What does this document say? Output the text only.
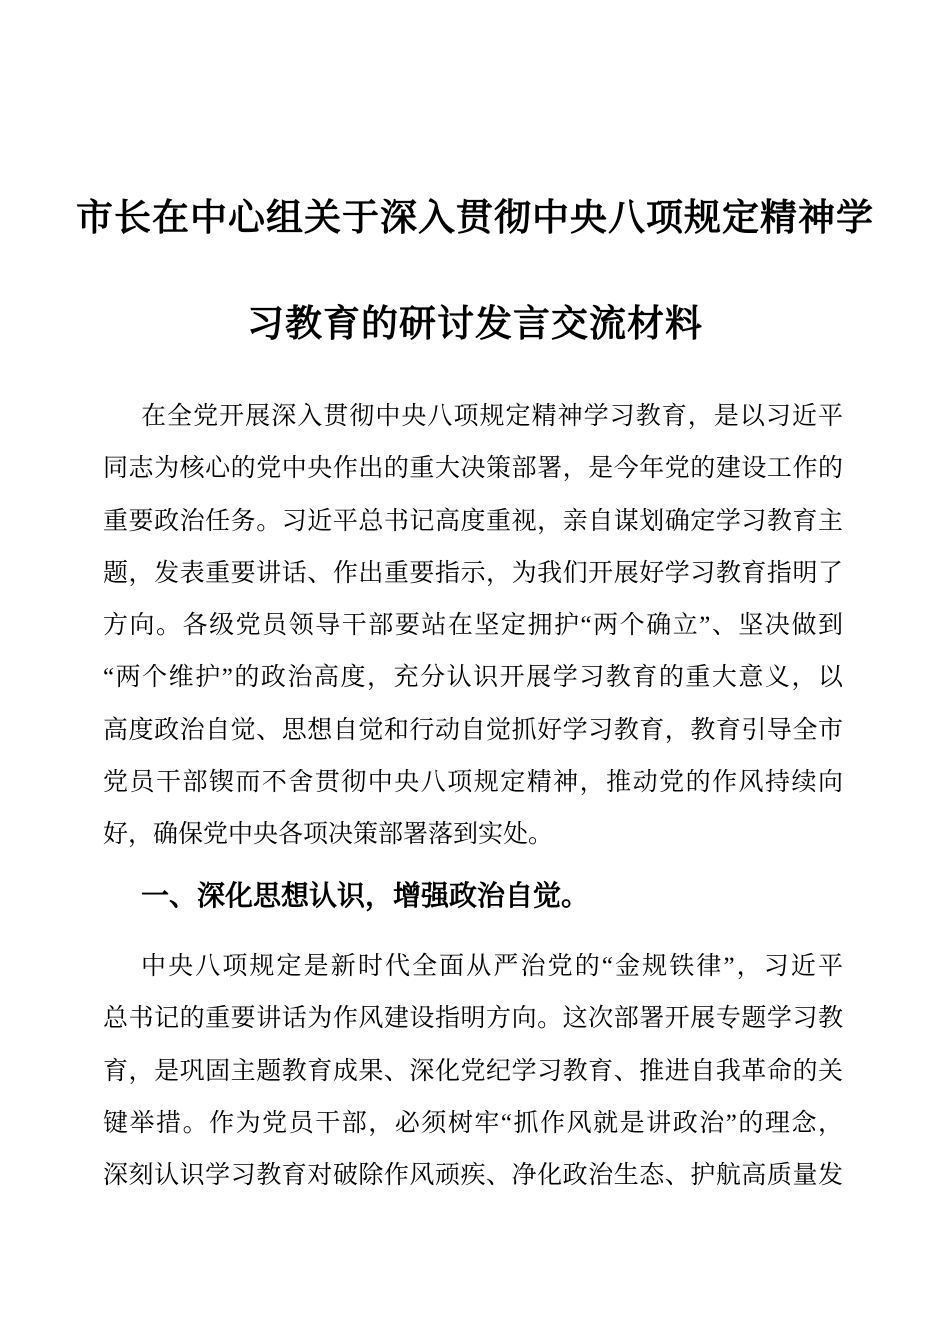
市长在中心组关于深入贯彻中央八项规定精神学
习教育的研讨发言交流材料

在全党开展深入贯彻中央八项规定精神学习教育，是以习近平
同志为核心的党中央作出的重大决策部署，是今年党的建设工作的
重要政治任务。习近平总书记高度重视，亲自谋划确定学习教育主
题，发表重要讲话、作出重要指示，为我们开展好学习教育指明了
方向。各级党员领导干部要站在坚定拥护“两个确立”、坚决做到
“两个维护”的政治高度，充分认识开展学习教育的重大意义，以
高度政治自觉、思想自觉和行动自觉抓好学习教育，教育引导全市
党员干部锲而不舍贯彻中央八项规定精神，推动党的作风持续向
好，确保党中央各项决策部署落到实处。

一、深化思想认识，增强政治自觉。

中央八项规定是新时代全面从严治党的“金规铁律”，习近平
总书记的重要讲话为作风建设指明方向。这次部署开展专题学习教
育，是巩固主题教育成果、深化党纪学习教育、推进自我革命的关
键举措。作为党员干部，必须树牢“抓作风就是讲政治”的理念，
深刻认识学习教育对破除作风顽疾、净化政治生态、护航高质量发
